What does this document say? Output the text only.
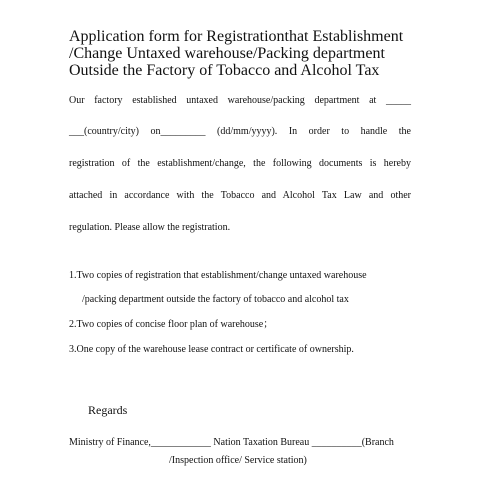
Application form for Registrationthat Establishment
/Change Untaxed warehouse/Packing department
Outside the Factory of Tobacco and Alcohol Tax
Our factory established untaxed warehouse/packing department at _____
___(country/city) on_________ (dd/mm/yyyy). In order to handle the
registration of the establishment/change, the following documents is hereby
attached in accordance with the Tobacco and Alcohol Tax Law and other
regulation. Please allow the registration.
1.Two copies of registration that establishment/change untaxed warehouse
/packing department outside the factory of tobacco and alcohol tax
2.Two copies of concise floor plan of warehouse；
3.One copy of the warehouse lease contract or certificate of ownership.
Regards
Ministry of Finance,____________ Nation Taxation Bureau __________(Branch
/Inspection office/ Service station)
